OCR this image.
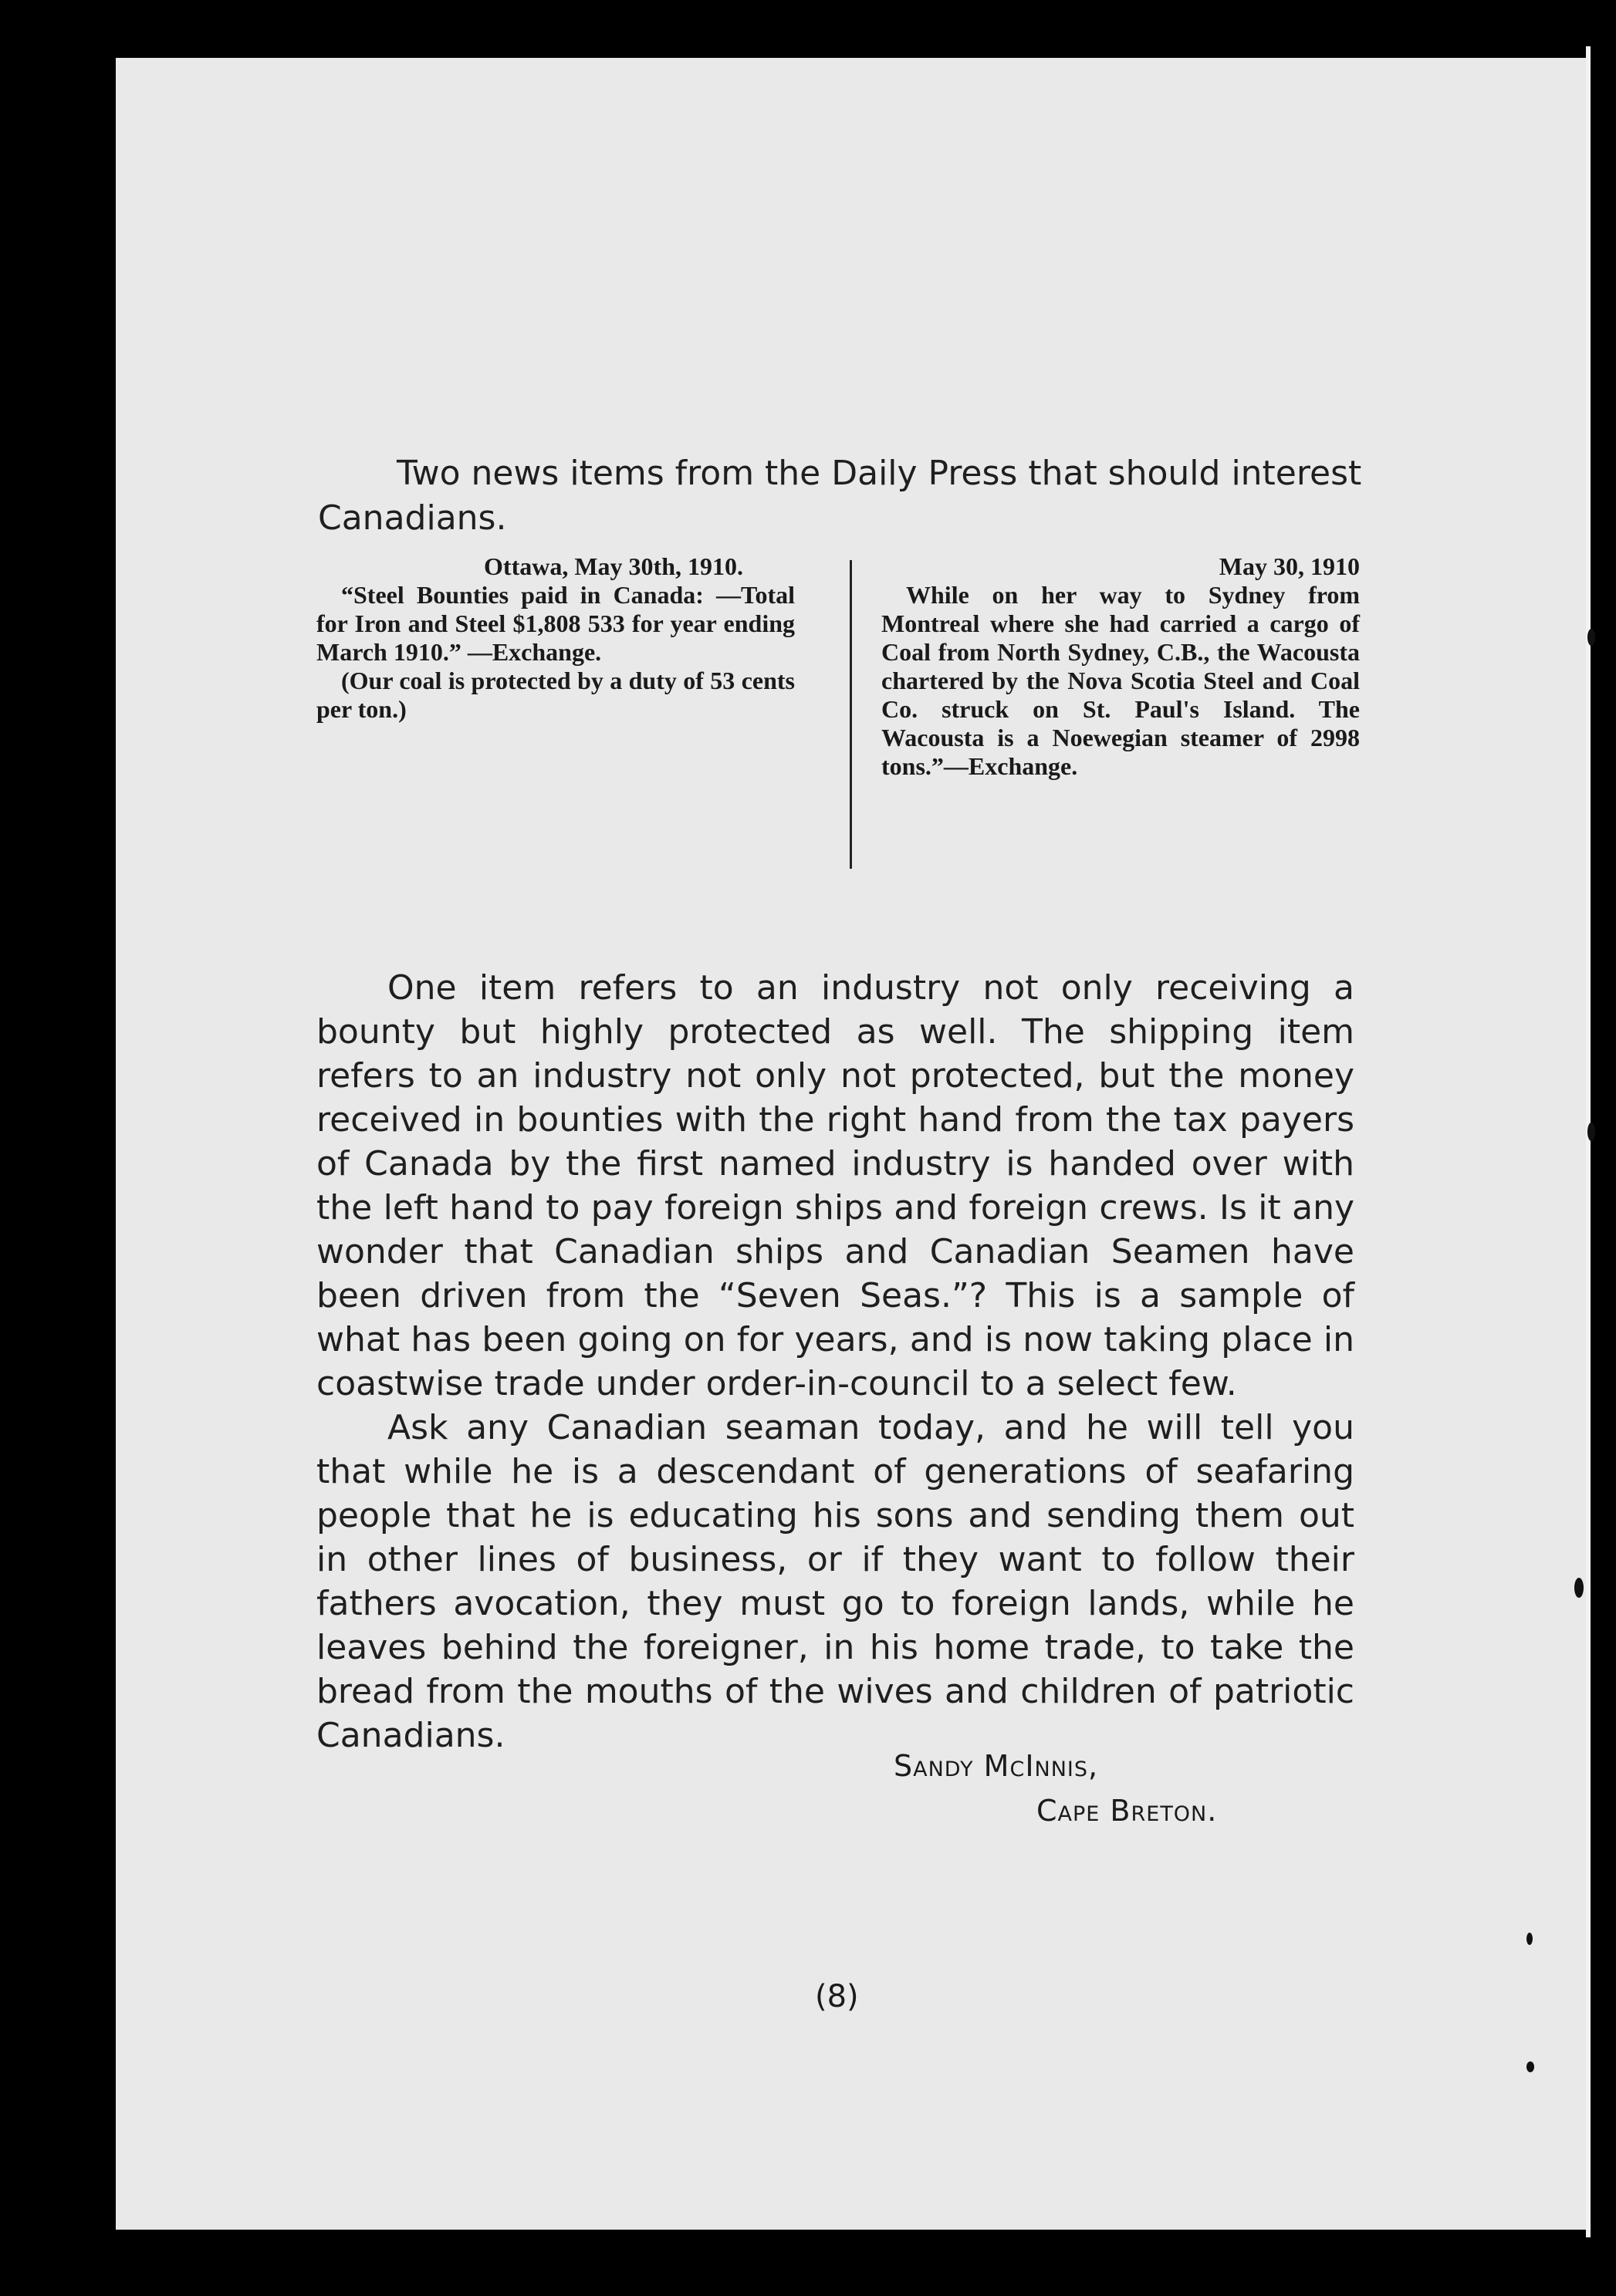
Two news items from the Daily Press that should interest
Canadians.

Ottawa, May 30th, 1910.

“Steel Bounties paid in Canada: —Total for Iron and Steel $1,808 533 for year ending March 1910.” —Exchange.

(Our coal is protected by a duty of 53 cents per ton.)

May 30, 1910

While on her way to Sydney from Montreal where she had carried a cargo of Coal from North Sydney, C.B., the Wacousta chartered by the Nova Scotia Steel and Coal Co. struck on St. Paul's Island. The Wacousta is a Noewegian steamer of 2998 tons.”—Exchange.

One item refers to an industry not only receiving a bounty but highly protected as well. The shipping item refers to an industry not only not protected, but the money received in bounties with the right hand from the tax payers of Canada by the first named industry is handed over with the left hand to pay foreign ships and foreign crews. Is it any wonder that Canadian ships and Canadian Seamen have been driven from the “Seven Seas.”? This is a sample of what has been going on for years, and is now taking place in coastwise trade under order-in-council to a select few.

Ask any Canadian seaman today, and he will tell you that while he is a descendant of generations of seafaring people that he is educating his sons and sending them out in other lines of business, or if they want to follow their fathers avocation, they must go to foreign lands, while he leaves behind the foreigner, in his home trade, to take the bread from the mouths of the wives and children of patriotic Canadians.

Sandy McInnis,
Cape Breton.
(8)
